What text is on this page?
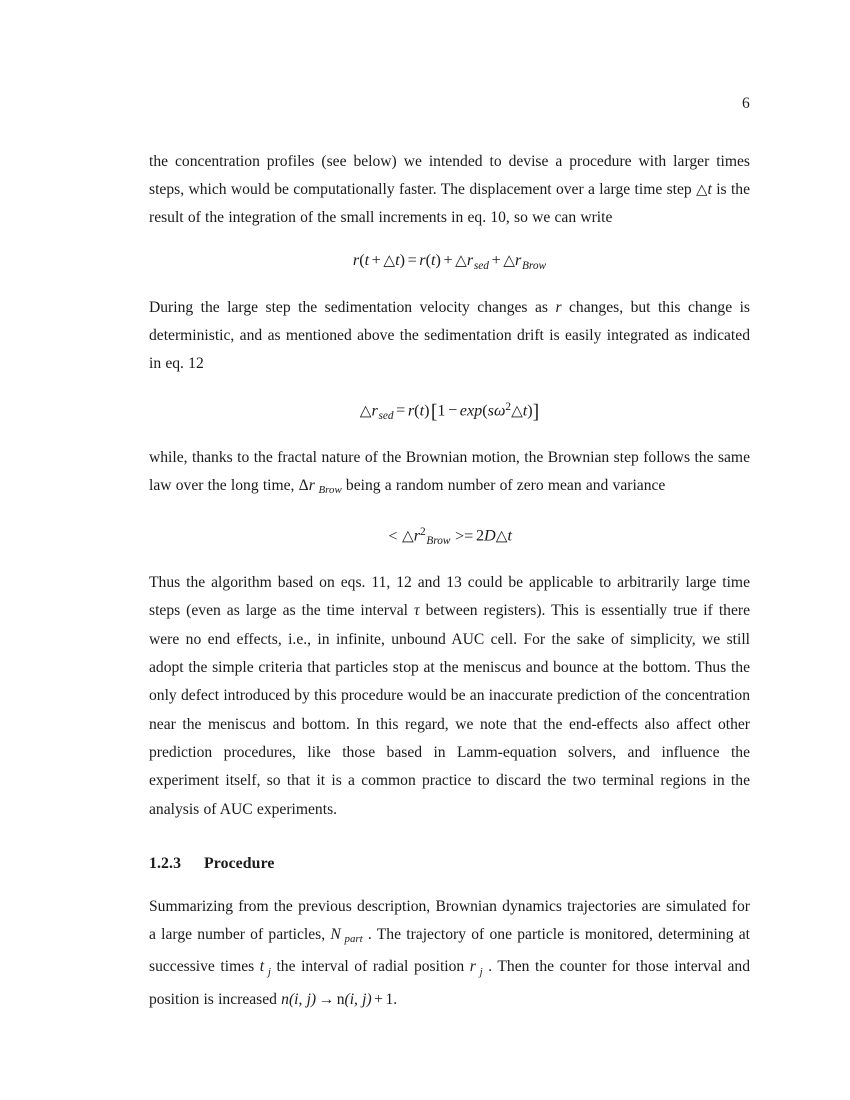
6

the concentration profiles (see below) we intended to devise a procedure with larger times steps, which would be computationally faster. The displacement over a large time step △t is the result of the integration of the small increments in eq. 10, so we can write

r(t + △t) = $r(t) + \triangle r_{sed}$ + $\triangle r_{Brow}$

During the large step the sedimentation velocity changes as r changes, but this change is deterministic, and as mentioned above the sedimentation drift is easily integrated as indicated in eq. 12

$\triangle r_{sed} = r(t)$ $[1 - \exp(s\omega^2\triangle t)]$

while, thanks to the fractal nature of the Brownian motion, the Brownian step follows the same law over the long time, Δr $_{Brow}$ being a random number of zero mean and variance

<  $\triangle r^2_{Brow}$  >=  2D△t

Thus the algorithm based on eqs. 11, 12 and 13 could be applicable to arbitrarily large time steps (even as large as the time interval τ between registers). This is essentially true if there were no end effects, i.e., in infinite, unbound AUC cell. For the sake of simplicity, we still adopt the simple criteria that particles stop at the meniscus and bounce at the bottom. Thus the only defect introduced by this procedure would be an inaccurate prediction of the concentration near the meniscus and bottom. In this regard, we note that the end-effects also affect other prediction procedures, like those based in Lamm-equation solvers, and influence the experiment itself, so that it is a common practice to discard the two terminal regions in the analysis of AUC experiments.

1.2.3 Procedure

Summarizing from the previous description, Brownian dynamics trajectories are simulated for a large number of particles, N $_{part}$ . The trajectory of one particle is monitored, determining at successive times t $_j$ the interval of radial position r $_j$ . Then the counter for those interval and position is increased n(i, j) → n(i, j) + 1.
